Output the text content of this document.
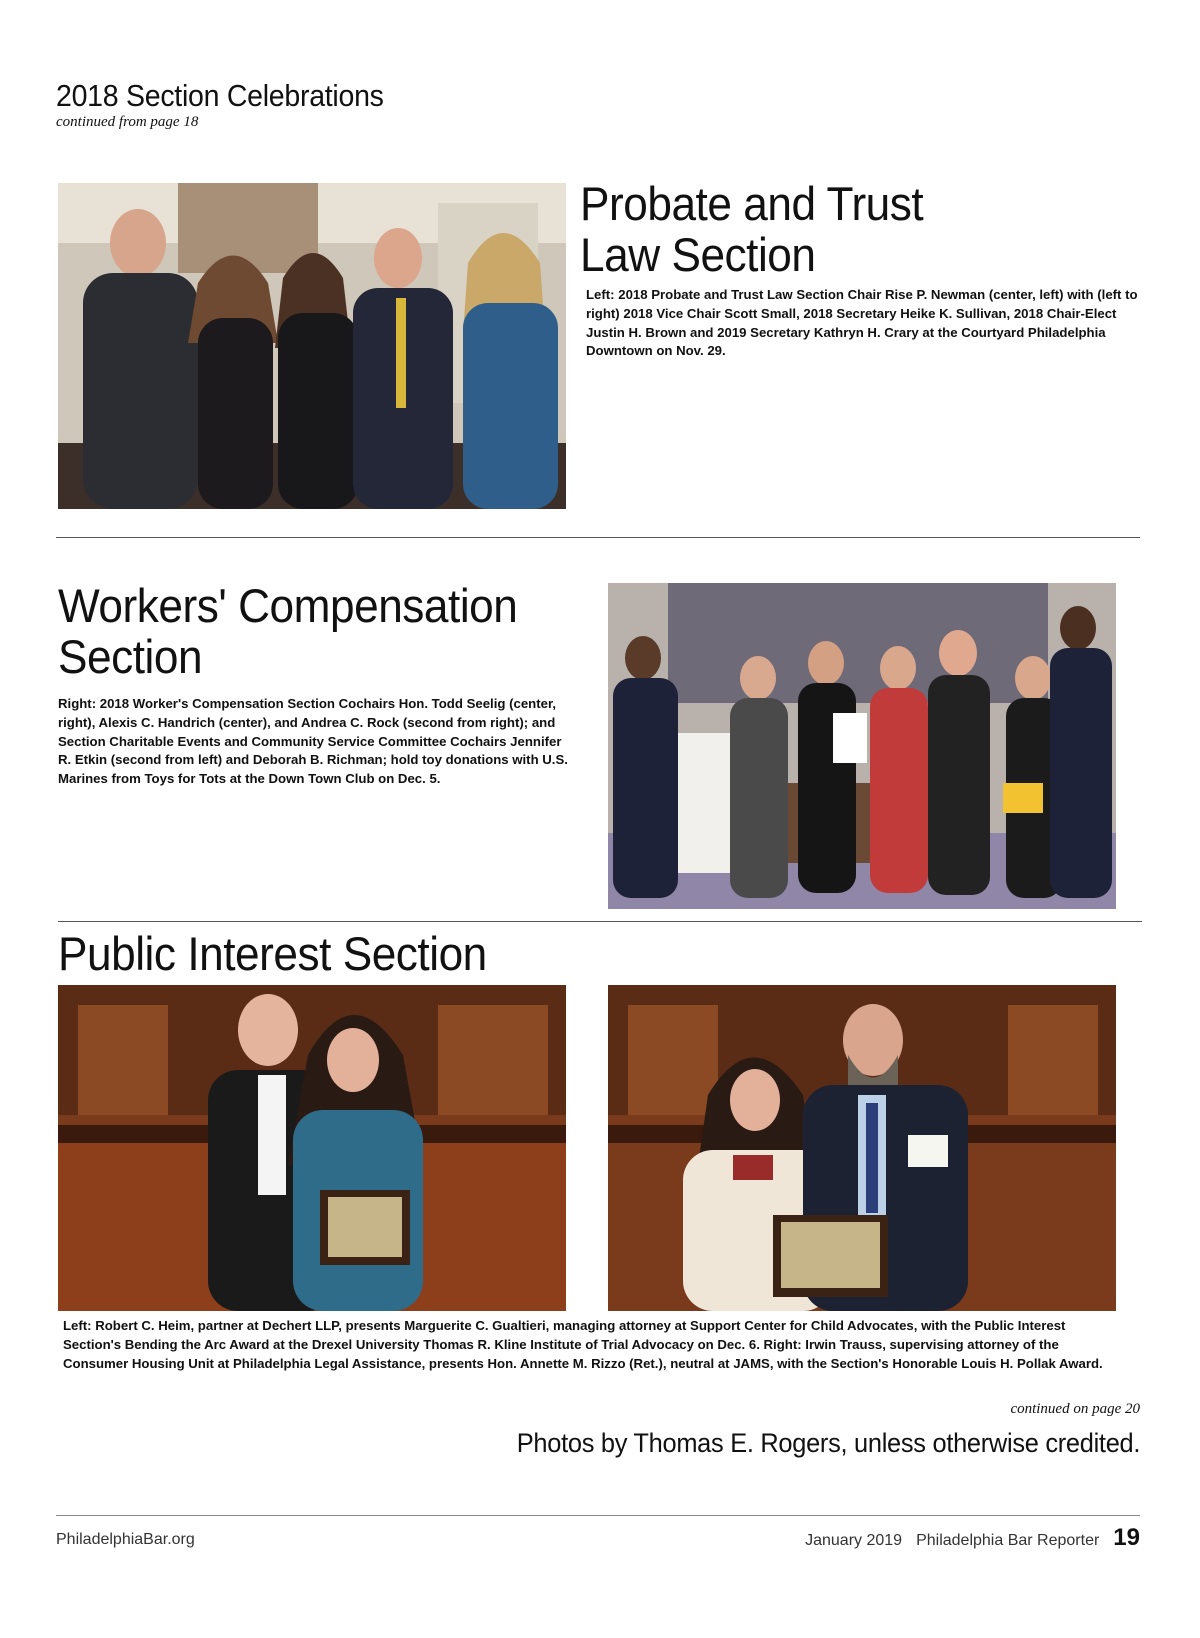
2018 Section Celebrations
continued from page 18
Probate and Trust
Law Section
Left: 2018 Probate and Trust Law Section Chair Rise P. Newman (center, left) with (left to right) 2018 Vice Chair Scott Small, 2018 Secretary Heike K. Sullivan, 2018 Chair-Elect Justin H. Brown and 2019 Secretary Kathryn H. Crary at the Courtyard Philadelphia Downtown on Nov. 29.
Workers' Compensation
Section
Right: 2018 Worker's Compensation Section Cochairs Hon. Todd Seelig (center, right), Alexis C. Handrich (center), and Andrea C. Rock (second from right); and Section Charitable Events and Community Service Committee Cochairs Jennifer R. Etkin (second from left) and Deborah B. Richman; hold toy donations with U.S. Marines from Toys for Tots at the Down Town Club on Dec. 5.
Public Interest Section
Left: Robert C. Heim, partner at Dechert LLP, presents Marguerite C. Gualtieri, managing attorney at Support Center for Child Advocates, with the Public Interest Section's Bending the Arc Award at the Drexel University Thomas R. Kline Institute of Trial Advocacy on Dec. 6. Right: Irwin Trauss, supervising attorney of the Consumer Housing Unit at Philadelphia Legal Assistance, presents Hon. Annette M. Rizzo (Ret.), neutral at JAMS, with the Section's Honorable Louis H. Pollak Award.
continued on page 20
Photos by Thomas E. Rogers, unless otherwise credited.
PhiladelphiaBar.org	January 2019 Philadelphia Bar Reporter 19
